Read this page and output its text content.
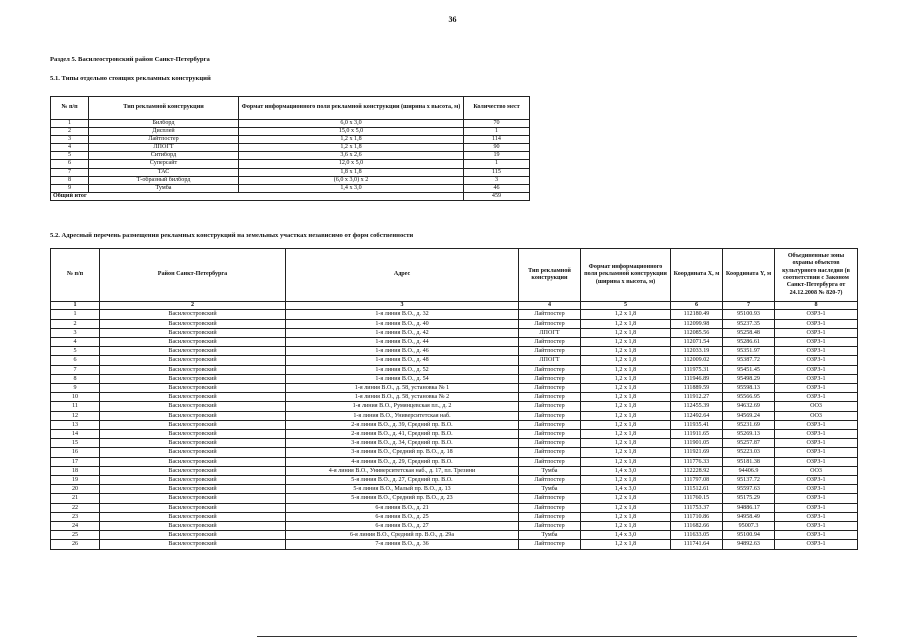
36
Раздел 5. Василеостровский район Санкт-Петербурга
5.1. Типы отдельно стоящих рекламных конструкций
№ п/п	Тип рекламной конструкции	Формат информационного поля рекламной конструкции (ширина х высота, м)	Количество мест
1	Билборд	6,0 х 3,0	70
2	Дисплей	15,0 х 5,0	1
3	Лайтпостер	1,2 х 1,8	114
4	ЛПОГТ	1,2 х 1,8	90
5	Ситиборд	3,6 х 2,6	19
6	Суперсайт	12,0 х 5,0	1
7	ТАС	1,8 х 1,8	115
8	Т-образный билборд	(6,0 х 3,0) х 2	3
9	Тумба	1,4 х 3,0	46
Общий итог			459
5.2. Адресный перечень размещения рекламных конструкций на земельных участках независимо от форм собственности
№ п/п	Район Санкт-Петербурга	Адрес	Тип рекламной конструкции	Формат информационного поля рекламной конструкции (ширина х высота, м)	Координата X, м	Координата Y, м	Объединенные зоны охраны объектов культурного наследия (в соответствии с Законом Санкт-Петербурга от 24.12.2008 № 820-7)
1	2	3	4	5	6	7	8
1	Василеостровский	1-я линия В.О., д. 32	Лайтпостер	1,2 х 1,8	112180.49	95100.93	ОЗРЗ-1
2	Василеостровский	1-я линия В.О., д. 40	Лайтпостер	1,2 х 1,8	112099.98	95237.35	ОЗРЗ-1
3	Василеостровский	1-я линия В.О., д. 42	ЛПОГТ	1,2 х 1,8	112085.56	95258.48	ОЗРЗ-1
4	Василеостровский	1-я линия В.О., д. 44	Лайтпостер	1,2 х 1,8	112071.54	95286.61	ОЗРЗ-1
5	Василеостровский	1-я линия В.О., д. 46	Лайтпостер	1,2 х 1,8	112033.19	95351.97	ОЗРЗ-1
6	Василеостровский	1-я линия В.О., д. 48	ЛПОГТ	1,2 х 1,8	112009.02	95387.72	ОЗРЗ-1
7	Василеостровский	1-я линия В.О., д. 52	Лайтпостер	1,2 х 1,8	111975.31	95451.45	ОЗРЗ-1
8	Василеостровский	1-я линия В.О., д. 54	Лайтпостер	1,2 х 1,8	111946.89	95498.29	ОЗРЗ-1
9	Василеостровский	1-я линия В.О., д. 58, установка № 1	Лайтпостер	1,2 х 1,8	111889.59	95598.13	ОЗРЗ-1
10	Василеостровский	1-я линия В.О., д. 58, установка № 2	Лайтпостер	1,2 х 1,8	111912.27	95566.95	ОЗРЗ-1
11	Василеостровский	1-я линия В.О., Румянцевская пл., д. 2	Лайтпостер	1,2 х 1,8	112455.39	94632.69	ОО3
12	Василеостровский	1-я линия В.О., Университетская наб.	Лайтпостер	1,2 х 1,8	112492.64	94569.24	ОО3
13	Василеостровский	2-я линия В.О., д. 39, Средний пр. В.О.	Лайтпостер	1,2 х 1,8	111935.41	95231.69	ОЗРЗ-1
14	Василеостровский	2-я линия В.О., д. 41, Средний пр. В.О.	Лайтпостер	1,2 х 1,8	111911.65	95269.13	ОЗРЗ-1
15	Василеостровский	3-я линия В.О., д. 34, Средний пр. В.О.	Лайтпостер	1,2 х 1,8	111901.05	95257.87	ОЗРЗ-1
16	Василеостровский	3-я линия В.О., Средний пр. В.О., д. 18	Лайтпостер	1,2 х 1,8	111921.69	95223.03	ОЗРЗ-1
17	Василеостровский	4-я линия В.О., д. 29, Средний пр. В.О.	Лайтпостер	1,2 х 1,8	111776.33	95181.38	ОЗРЗ-1
18	Василеостровский	4-я линия В.О., Университетская наб., д. 17, пл. Трезини	Тумба	1,4 х 3,0	112228.92	94406.9	ОО3
19	Василеостровский	5-я линия В.О., д. 27, Средний пр. В.О.	Лайтпостер	1,2 х 1,8	111797.08	95137.72	ОЗРЗ-1
20	Василеостровский	5-я линия В.О., Малый пр. В.О., д. 13	Тумба	1,4 х 3,0	111512.61	95597.63	ОЗРЗ-1
21	Василеостровский	5-я линия В.О., Средний пр. В.О., д. 23	Лайтпостер	1,2 х 1,8	111760.15	95175.29	ОЗРЗ-1
22	Василеостровский	6-я линия В.О., д. 21	Лайтпостер	1,2 х 1,8	111753.37	94886.17	ОЗРЗ-1
23	Василеостровский	6-я линия В.О., д. 25	Лайтпостер	1,2 х 1,8	111710.86	94958.49	ОЗРЗ-1
24	Василеостровский	6-я линия В.О., д. 27	Лайтпостер	1,2 х 1,8	111682.66	95007.3	ОЗРЗ-1
25	Василеостровский	6-я линия В.О., Средний пр. В.О., д. 29а	Тумба	1,4 х 3,0	111633.05	95100.94	ОЗРЗ-1
26	Василеостровский	7-я линия В.О., д. 36	Лайтпостер	1,2 х 1,8	111741.64	94892.63	ОЗРЗ-1
